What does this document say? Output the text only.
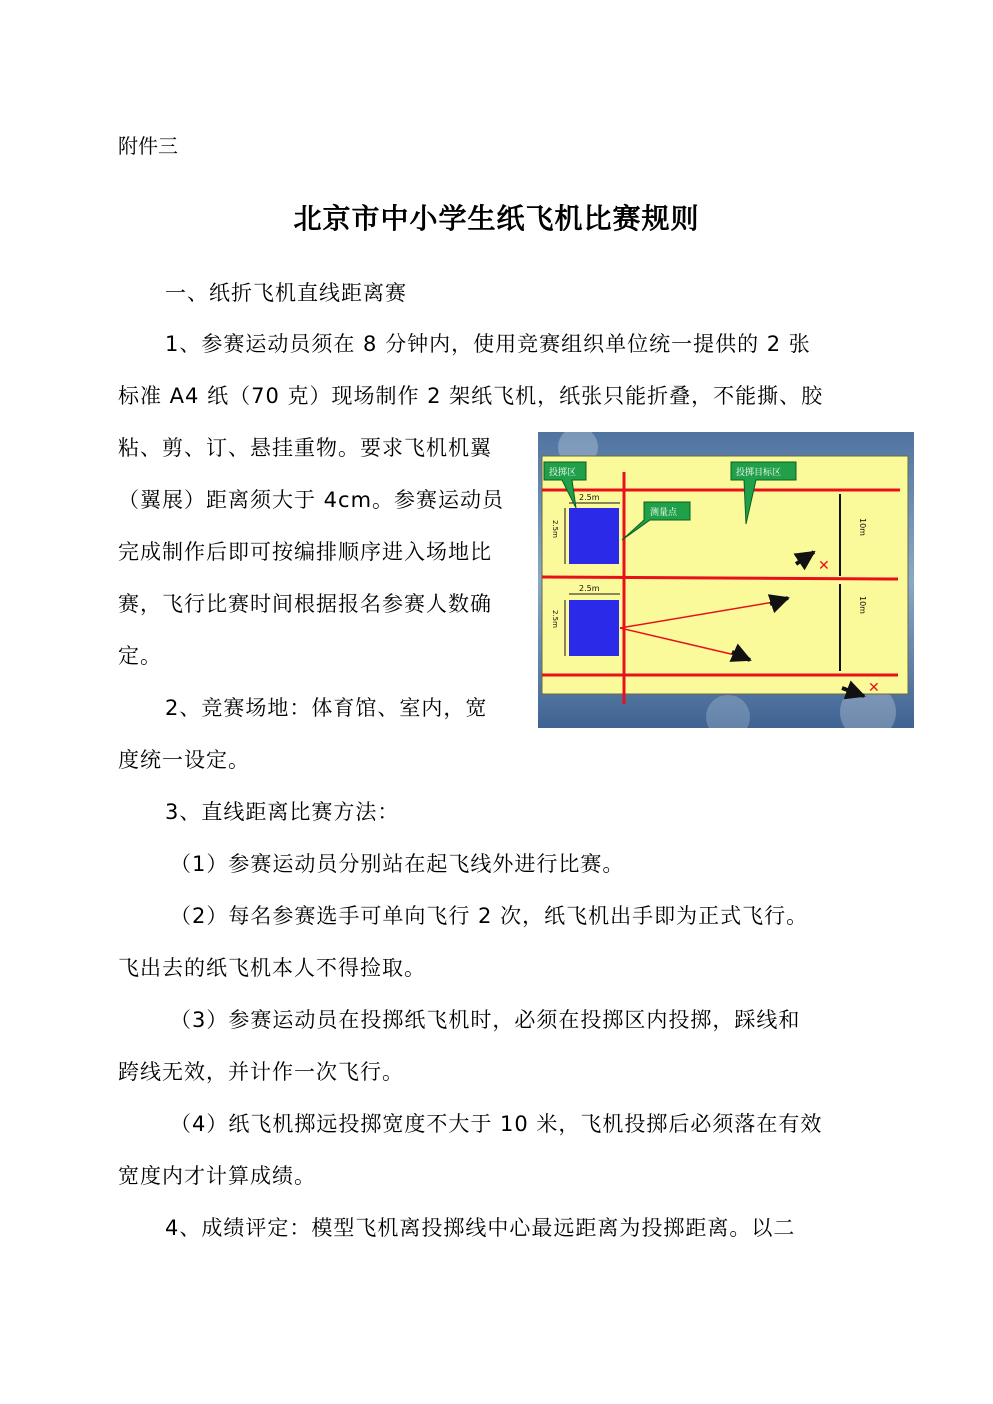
附件三
北京市中小学生纸飞机比赛规则

一、纸折飞机直线距离赛

1、参赛运动员须在 8 分钟内，使用竞赛组织单位统一提供的 2 张

标准 A4 纸（70 克）现场制作 2 架纸飞机，纸张只能折叠，不能撕、胶

粘、剪、订、悬挂重物。要求飞机机翼

（翼展）距离须大于 4cm。参赛运动员

完成制作后即可按编排顺序进入场地比

赛，飞行比赛时间根据报名参赛人数确

定。

2、竞赛场地：体育馆、室内，宽

度统一设定。

3、直线距离比赛方法：

（1）参赛运动员分别站在起飞线外进行比赛。

（2）每名参赛选手可单向飞行 2 次，纸飞机出手即为正式飞行。

飞出去的纸飞机本人不得捡取。

（3）参赛运动员在投掷纸飞机时，必须在投掷区内投掷，踩线和

跨线无效，并计作一次飞行。

（4）纸飞机掷远投掷宽度不大于 10 米，飞机投掷后必须落在有效

宽度内才计算成绩。

4、成绩评定：模型飞机离投掷线中心最远距离为投掷距离。以二

2.5m
2.5m
2.5m
2.5m
10m
10m
投掷区	投掷目标区
测量点
✕
✕
